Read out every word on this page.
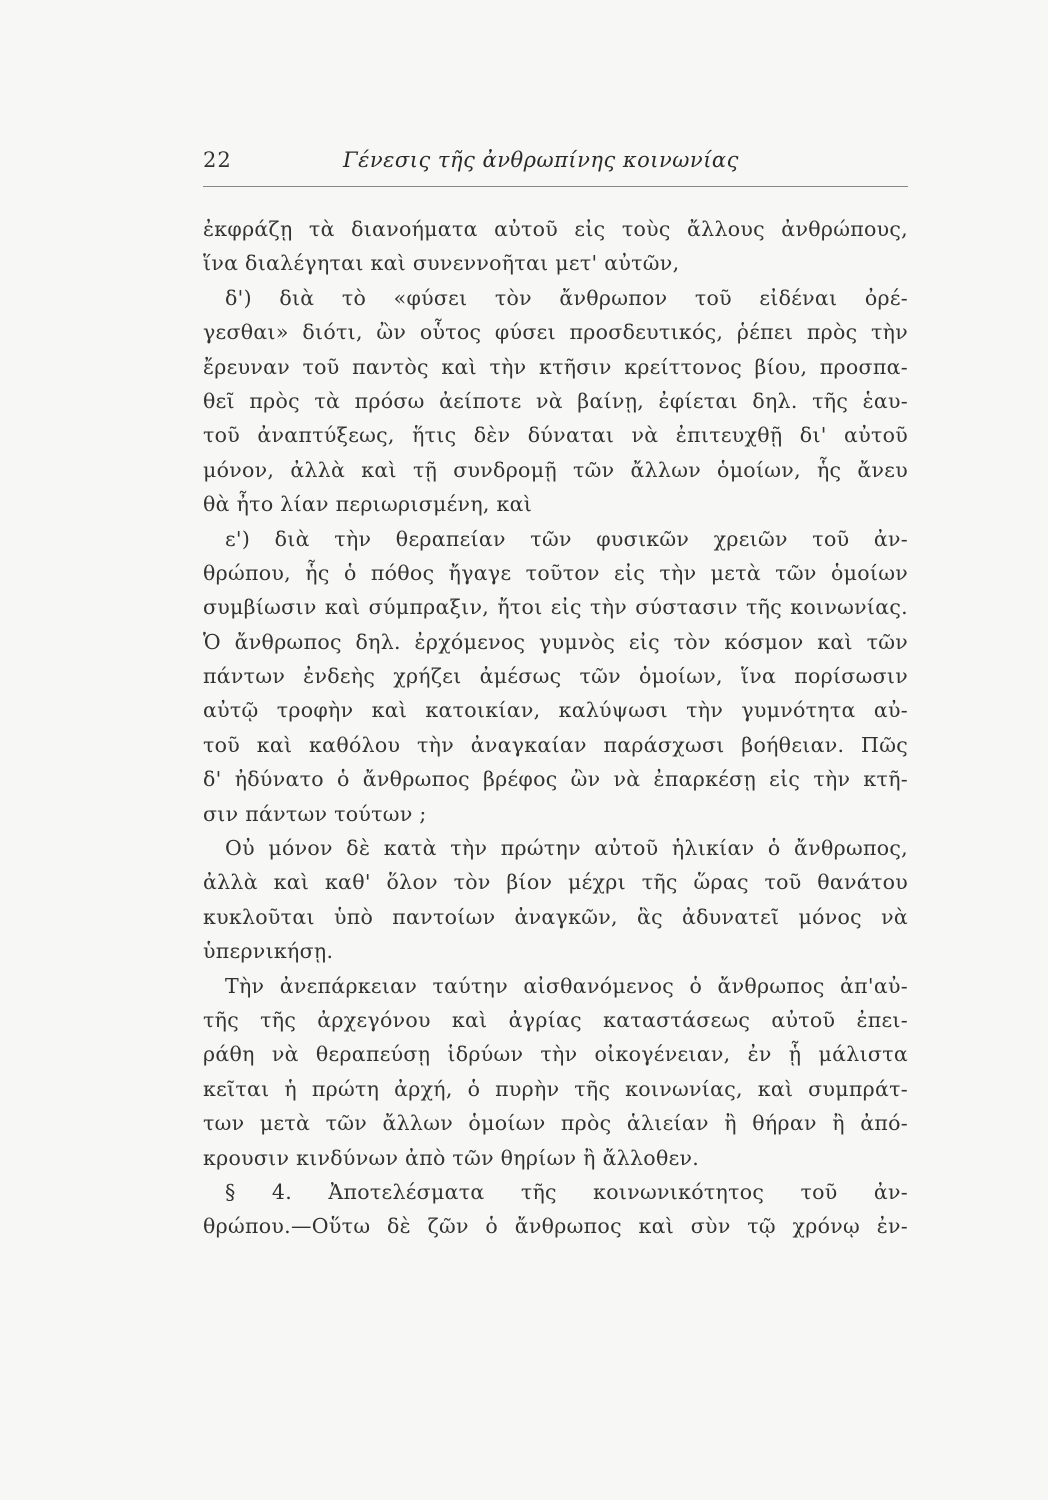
22	Γένεσις τῆς ἀνθρωπίνης κοινωνίας
ἐκφράζῃ τὰ διανοήματα αὐτοῦ εἰς τοὺς ἄλλους ἀνθρώπους,
ἵνα διαλέγηται καὶ συνεννοῆται μετ' αὐτῶν,
δ') διὰ τὸ «φύσει τὸν ἄνθρωπον τοῦ εἰδέναι ὀρέ-
γεσθαι» διότι, ὢν οὗτος φύσει προσδευτικός, ῥέπει πρὸς τὴν
ἔρευναν τοῦ παντὸς καὶ τὴν κτῆσιν κρείττονος βίου, προσπα-
θεῖ πρὸς τὰ πρόσω ἀείποτε νὰ βαίνῃ, ἐφίεται δηλ. τῆς ἑαυ-
τοῦ ἀναπτύξεως, ἥτις δὲν δύναται νὰ ἐπιτευχθῇ δι' αὐτοῦ
μόνον, ἀλλὰ καὶ τῇ συνδρομῇ τῶν ἄλλων ὁμοίων, ἧς ἄνευ
θὰ ἦτο λίαν περιωρισμένη, καὶ
ε') διὰ τὴν θεραπείαν τῶν φυσικῶν χρειῶν τοῦ ἀν-
θρώπου, ἧς ὁ πόθος ἤγαγε τοῦτον εἰς τὴν μετὰ τῶν ὁμοίων
συμβίωσιν καὶ σύμπραξιν, ἤτοι εἰς τὴν σύστασιν τῆς κοινωνίας.
Ὁ ἄνθρωπος δηλ. ἐρχόμενος γυμνὸς εἰς τὸν κόσμον καὶ τῶν
πάντων ἐνδεὴς χρήζει ἀμέσως τῶν ὁμοίων, ἵνα πορίσωσιν
αὐτῷ τροφὴν καὶ κατοικίαν, καλύψωσι τὴν γυμνότητα αὐ-
τοῦ καὶ καθόλου τὴν ἀναγκαίαν παράσχωσι βοήθειαν. Πῶς
δ' ἠδύνατο ὁ ἄνθρωπος βρέφος ὢν νὰ ἐπαρκέσῃ εἰς τὴν κτῆ-
σιν πάντων τούτων ;
Οὐ μόνον δὲ κατὰ τὴν πρώτην αὐτοῦ ἡλικίαν ὁ ἄνθρωπος,
ἀλλὰ καὶ καθ' ὅλον τὸν βίον μέχρι τῆς ὥρας τοῦ θανάτου
κυκλοῦται ὑπὸ παντοίων ἀναγκῶν, ἃς ἀδυνατεῖ μόνος νὰ
ὑπερνικήσῃ.
Τὴν ἀνεπάρκειαν ταύτην αἰσθανόμενος ὁ ἄνθρωπος ἀπ'αὐ-
τῆς τῆς ἀρχεγόνου καὶ ἀγρίας καταστάσεως αὐτοῦ ἐπει-
ράθη νὰ θεραπεύσῃ ἱδρύων τὴν οἰκογένειαν, ἐν ᾗ μάλιστα
κεῖται ἡ πρώτη ἀρχή, ὁ πυρὴν τῆς κοινωνίας, καὶ συμπράτ-
των μετὰ τῶν ἄλλων ὁμοίων πρὸς ἁλιείαν ἢ θήραν ἢ ἀπό-
κρουσιν κινδύνων ἀπὸ τῶν θηρίων ἢ ἄλλοθεν.
§ 4. Ἀποτελέσματα τῆς κοινωνικότητος τοῦ ἀν-
θρώπου.—Οὕτω δὲ ζῶν ὁ ἄνθρωπος καὶ σὺν τῷ χρόνῳ ἐν-
